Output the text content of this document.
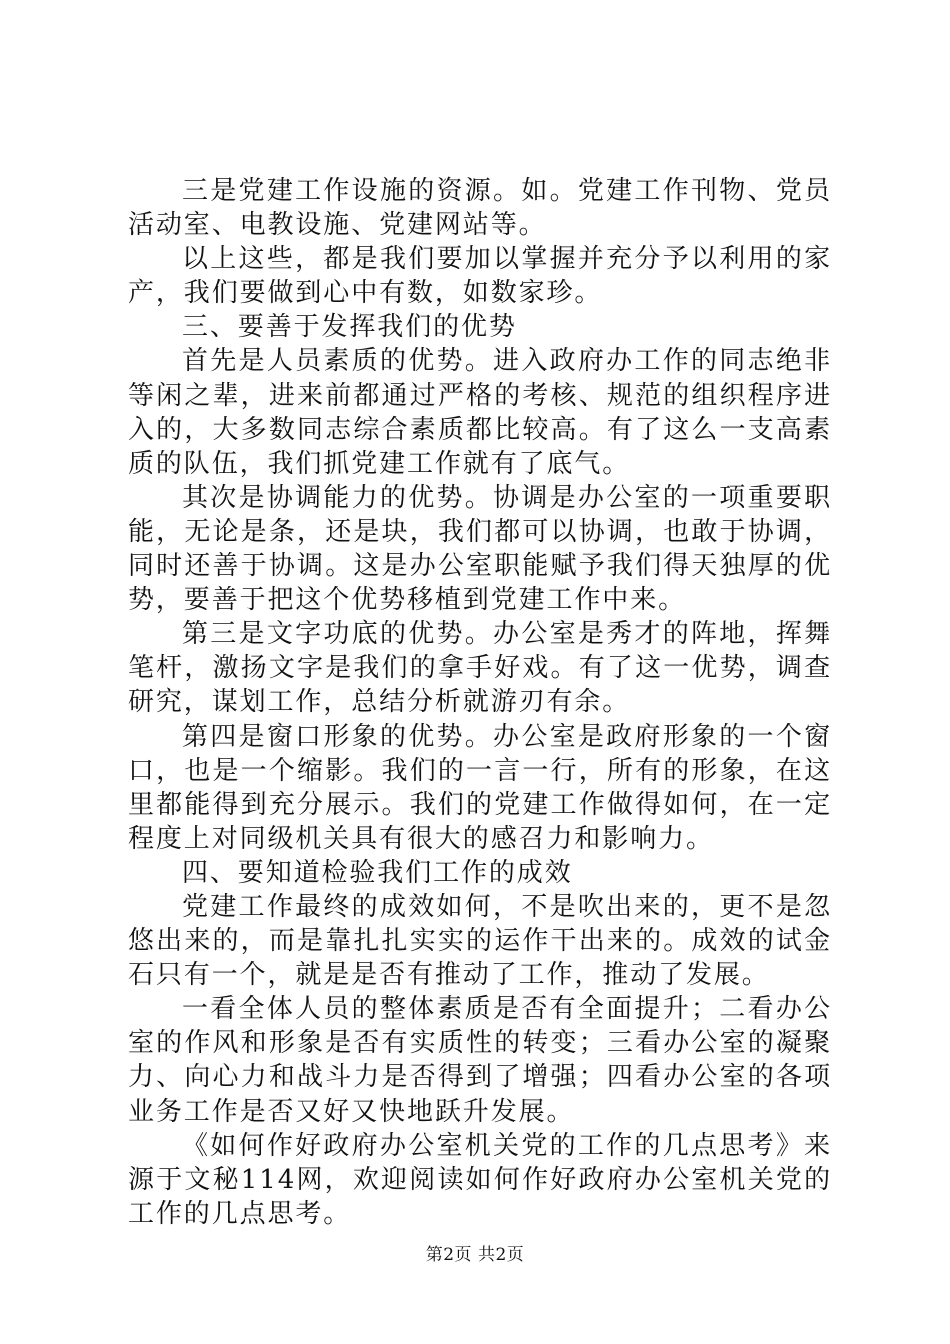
三是党建工作设施的资源。如。党建工作刊物、党员活动室、电教设施、党建网站等。

以上这些，都是我们要加以掌握并充分予以利用的家产，我们要做到心中有数，如数家珍。

三、要善于发挥我们的优势

首先是人员素质的优势。进入政府办工作的同志绝非等闲之辈，进来前都通过严格的考核、规范的组织程序进入的，大多数同志综合素质都比较高。有了这么一支高素质的队伍，我们抓党建工作就有了底气。

其次是协调能力的优势。协调是办公室的一项重要职能，无论是条，还是块，我们都可以协调，也敢于协调，同时还善于协调。这是办公室职能赋予我们得天独厚的优势，要善于把这个优势移植到党建工作中来。

第三是文字功底的优势。办公室是秀才的阵地，挥舞笔杆，激扬文字是我们的拿手好戏。有了这一优势，调查研究，谋划工作，总结分析就游刃有余。

第四是窗口形象的优势。办公室是政府形象的一个窗口，也是一个缩影。我们的一言一行，所有的形象，在这里都能得到充分展示。我们的党建工作做得如何，在一定程度上对同级机关具有很大的感召力和影响力。

四、要知道检验我们工作的成效

党建工作最终的成效如何，不是吹出来的，更不是忽悠出来的，而是靠扎扎实实的运作干出来的。成效的试金石只有一个，就是是否有推动了工作，推动了发展。

一看全体人员的整体素质是否有全面提升；二看办公室的作风和形象是否有实质性的转变；三看办公室的凝聚力、向心力和战斗力是否得到了增强；四看办公室的各项业务工作是否又好又快地跃升发展。

《如何作好政府办公室机关党的工作的几点思考》来源于文秘114网，欢迎阅读如何作好政府办公室机关党的工作的几点思考。

第2页 共2页
